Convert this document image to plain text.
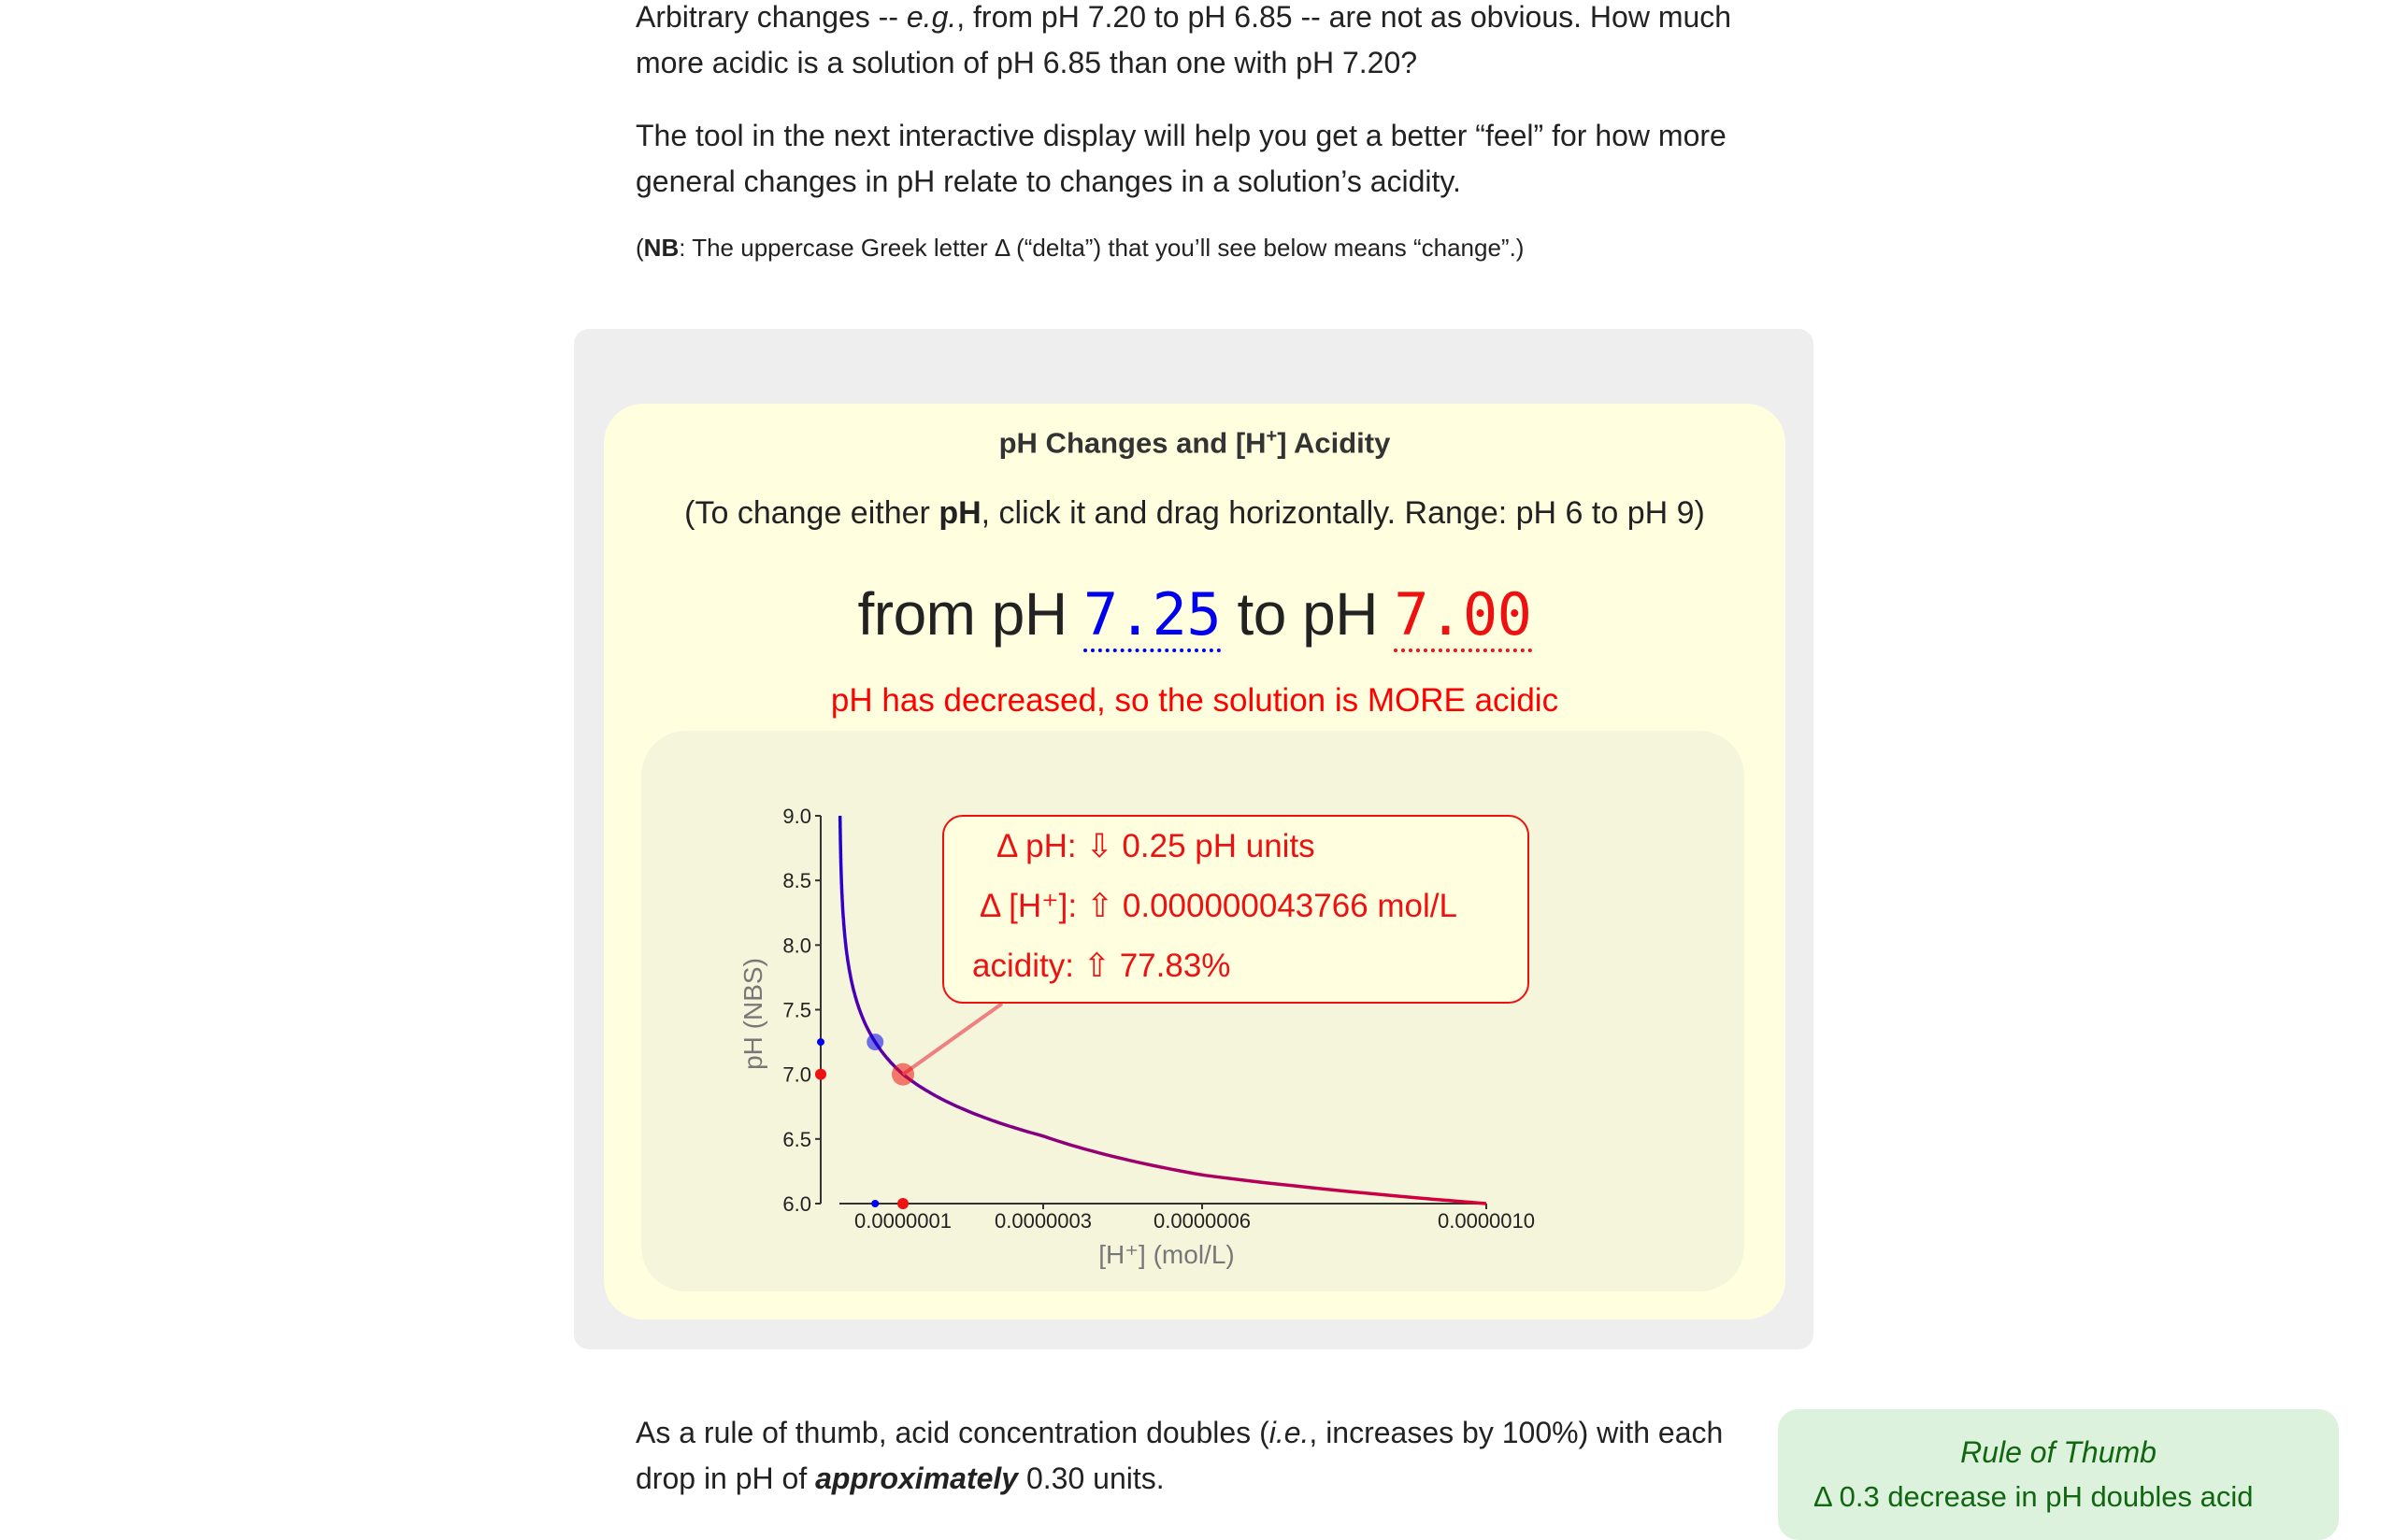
Arbitrary changes -- e.g., from pH 7.20 to pH 6.85 -- are not as obvious. How much more acidic is a solution of pH 6.85 than one with pH 7.20?
The tool in the next interactive display will help you get a better “feel” for how more general changes in pH relate to changes in a solution’s acidity.
(NB: The uppercase Greek letter Δ (“delta”) that you’ll see below means “change”.)
pH Changes and [H+] Acidity
(To change either pH, click it and drag horizontally. Range: pH 6 to pH 9)
from pH 7.25 to pH 7.00
pH has decreased, so the solution is MORE acidic
6.0
6.5
7.0
7.5
8.0
8.5
9.0
0.0000001 0.0000003	0.0000006	0.0000010
[H⁺] (mol/L)
pH (NBS)
Δ pH: ⇩ 0.25 pH units
Δ [H⁺]: ⇧ 0.000000043766 mol/L
acidity: ⇧ 77.83%
As a rule of thumb, acid concentration doubles (i.e., increases by 100%) with each drop in pH of approximately 0.30 units.
Rule of Thumb
Δ 0.3 decrease in pH doubles acid
